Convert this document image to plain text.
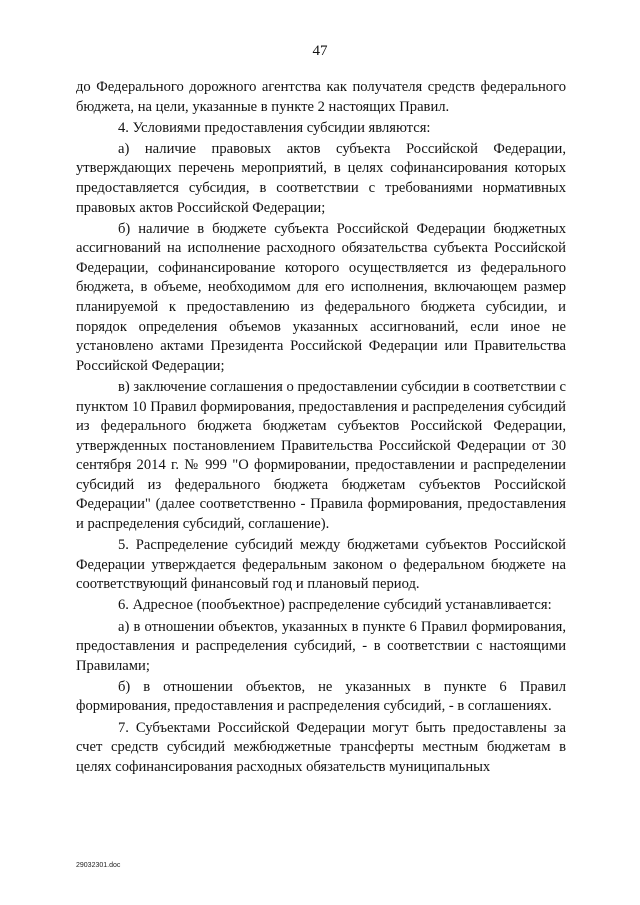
47

до Федерального дорожного агентства как получателя средств федерального бюджета, на цели, указанные в пункте 2 настоящих Правил.

4. Условиями предоставления субсидии являются:

а) наличие правовых актов субъекта Российской Федерации, утверждающих перечень мероприятий, в целях софинансирования которых предоставляется субсидия, в соответствии с требованиями нормативных правовых актов Российской Федерации;

б) наличие в бюджете субъекта Российской Федерации бюджетных ассигнований на исполнение расходного обязательства субъекта Российской Федерации, софинансирование которого осуществляется из федерального бюджета, в объеме, необходимом для его исполнения, включающем размер планируемой к предоставлению из федерального бюджета субсидии, и порядок определения объемов указанных ассигнований, если иное не установлено актами Президента Российской Федерации или Правительства Российской Федерации;

в) заключение соглашения о предоставлении субсидии в соответствии с пунктом 10 Правил формирования, предоставления и распределения субсидий из федерального бюджета бюджетам субъектов Российской Федерации, утвержденных постановлением Правительства Российской Федерации от 30 сентября 2014 г. № 999 "О формировании, предоставлении и распределении субсидий из федерального бюджета бюджетам субъектов Российской Федерации" (далее соответственно - Правила формирования, предоставления и распределения субсидий, соглашение).

5. Распределение субсидий между бюджетами субъектов Российской Федерации утверждается федеральным законом о федеральном бюджете на соответствующий финансовый год и плановый период.

6. Адресное (пообъектное) распределение субсидий устанавливается:

а) в отношении объектов, указанных в пункте 6 Правил формирования, предоставления и распределения субсидий, - в соответствии с настоящими Правилами;

б) в отношении объектов, не указанных в пункте 6 Правил формирования, предоставления и распределения субсидий, - в соглашениях.

7. Субъектами Российской Федерации могут быть предоставлены за счет средств субсидий межбюджетные трансферты местным бюджетам в целях софинансирования расходных обязательств муниципальных

29032301.doc
